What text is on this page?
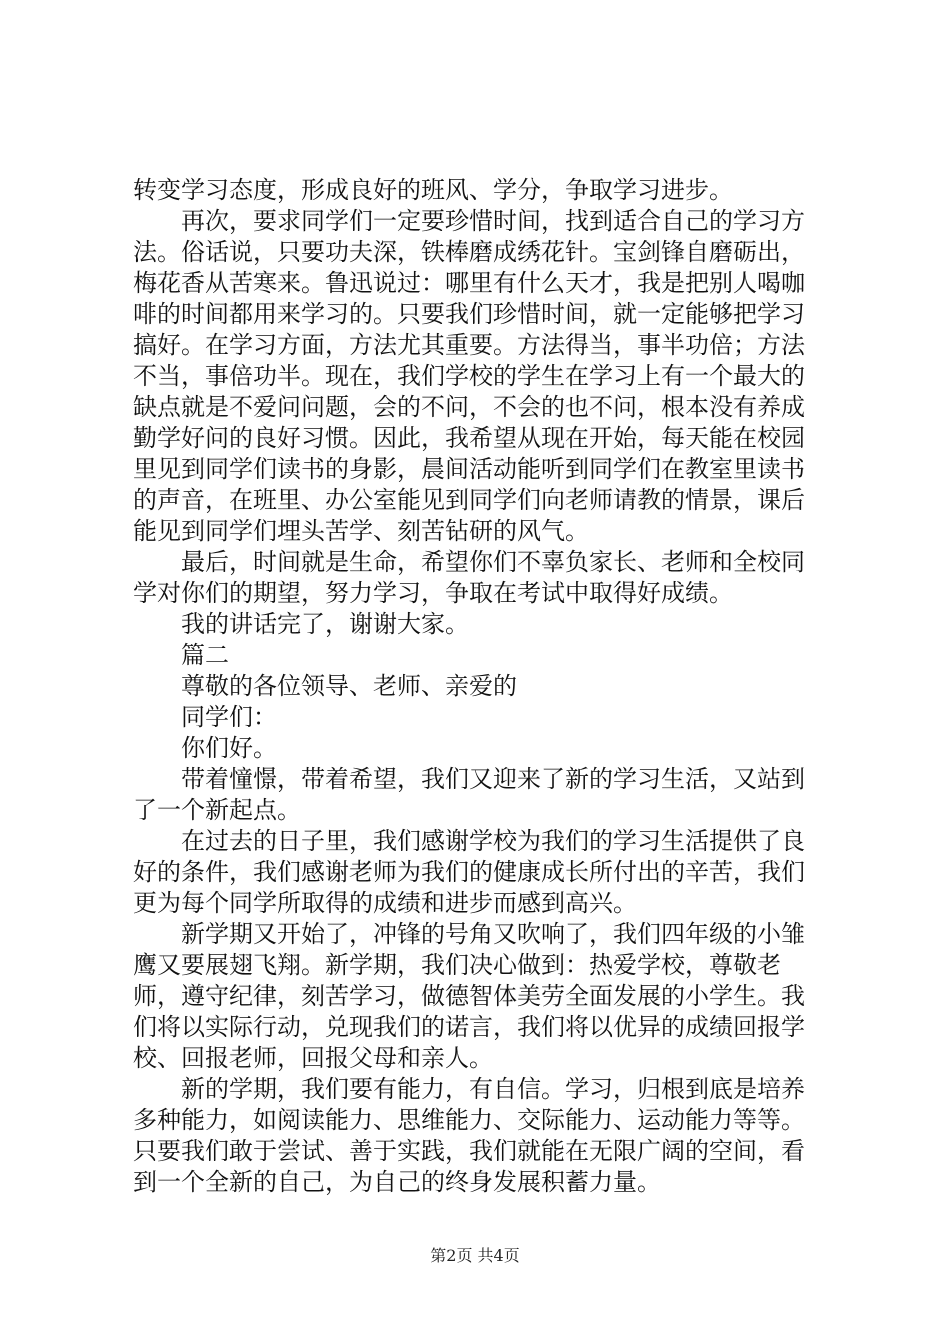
转变学习态度，形成良好的班风、学分，争取学习进步。

再次，要求同学们一定要珍惜时间，找到适合自己的学习方法。俗话说，只要功夫深，铁棒磨成绣花针。宝剑锋自磨砺出，梅花香从苦寒来。鲁迅说过：哪里有什么天才，我是把别人喝咖啡的时间都用来学习的。只要我们珍惜时间，就一定能够把学习搞好。在学习方面，方法尤其重要。方法得当，事半功倍；方法不当，事倍功半。现在，我们学校的学生在学习上有一个最大的缺点就是不爱问问题，会的不问，不会的也不问，根本没有养成勤学好问的良好习惯。因此，我希望从现在开始，每天能在校园里见到同学们读书的身影，晨间活动能听到同学们在教室里读书的声音，在班里、办公室能见到同学们向老师请教的情景，课后能见到同学们埋头苦学、刻苦钻研的风气。

最后，时间就是生命，希望你们不辜负家长、老师和全校同学对你们的期望，努力学习，争取在考试中取得好成绩。

我的讲话完了，谢谢大家。

篇二

尊敬的各位领导、老师、亲爱的

同学们：

你们好。

带着憧憬，带着希望，我们又迎来了新的学习生活，又站到了一个新起点。

在过去的日子里，我们感谢学校为我们的学习生活提供了良好的条件，我们感谢老师为我们的健康成长所付出的辛苦，我们更为每个同学所取得的成绩和进步而感到高兴。

新学期又开始了，冲锋的号角又吹响了，我们四年级的小雏鹰又要展翅飞翔。新学期，我们决心做到：热爱学校，尊敬老师，遵守纪律，刻苦学习，做德智体美劳全面发展的小学生。我们将以实际行动，兑现我们的诺言，我们将以优异的成绩回报学校、回报老师，回报父母和亲人。

新的学期，我们要有能力，有自信。学习，归根到底是培养多种能力，如阅读能力、思维能力、交际能力、运动能力等等。只要我们敢于尝试、善于实践，我们就能在无限广阔的空间，看到一个全新的自己，为自己的终身发展积蓄力量。

第2页 共4页
